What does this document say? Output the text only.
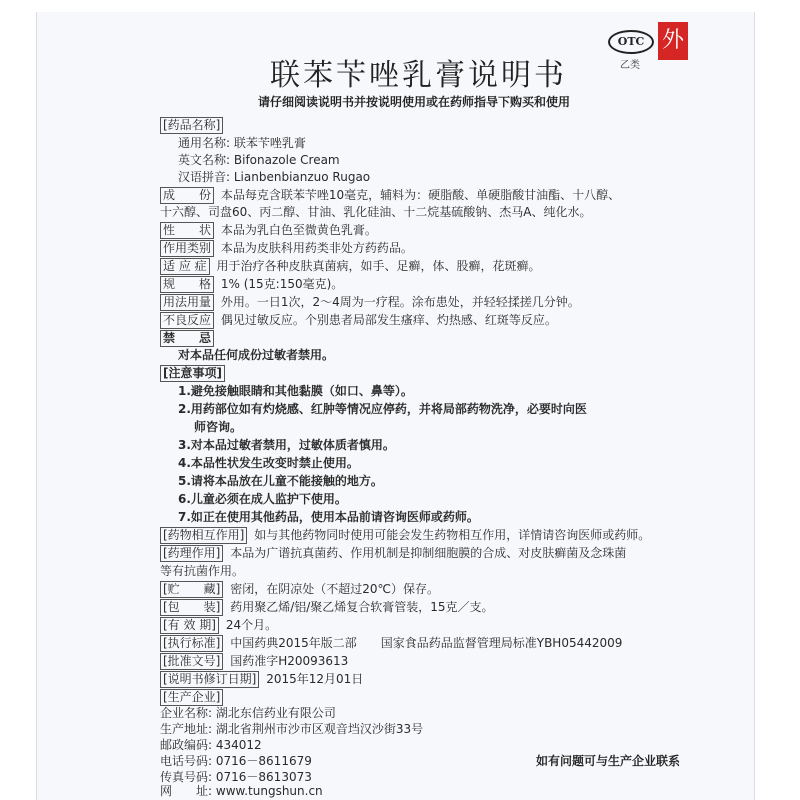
OTC
乙类
外
联苯苄唑乳膏说明书
请仔细阅读说明书并按说明使用或在药师指导下购买和使用
[药品名称]
通用名称: 联苯苄唑乳膏
英文名称: Bifonazole Cream
汉语拼音: Lianbenbianzuo Rugao
成　　份 本品每克含联苯苄唑10毫克，辅料为：硬脂酸、单硬脂酸甘油酯、十八醇、
十六醇、司盘60、丙二醇、甘油、乳化硅油、十二烷基硫酸钠、杰马A、纯化水。
性　　状 本品为乳白色至微黄色乳膏。
作用类别 本品为皮肤科用药类非处方药药品。
适 应 症 用于治疗各种皮肤真菌病，如手、足癣，体、股癣，花斑癣。
规　　格 1% (15克:150毫克)。
用法用量 外用。一日1次，2～4周为一疗程。涂布患处，并轻轻揉搓几分钟。
不良反应 偶见过敏反应。个别患者局部发生瘙痒、灼热感、红斑等反应。
禁　　忌
对本品任何成份过敏者禁用。
[注意事项]
1.避免接触眼睛和其他黏膜（如口、鼻等）。
2.用药部位如有灼烧感、红肿等情况应停药，并将局部药物洗净，必要时向医
师咨询。
3.对本品过敏者禁用，过敏体质者慎用。
4.本品性状发生改变时禁止使用。
5.请将本品放在儿童不能接触的地方。
6.儿童必须在成人监护下使用。
7.如正在使用其他药品，使用本品前请咨询医师或药师。
[药物相互作用] 如与其他药物同时使用可能会发生药物相互作用，详情请咨询医师或药师。
[药理作用] 本品为广谱抗真菌药、作用机制是抑制细胞膜的合成、对皮肤癣菌及念珠菌
等有抗菌作用。
[贮　　藏] 密闭，在阴凉处（不超过20℃）保存。
[包　　装] 药用聚乙烯/铝/聚乙烯复合软膏管装，15克／支。
[有 效 期] 24个月。
[执行标准] 中国药典2015年版二部　　国家食品药品监督管理局标准YBH05442009
[批准文号] 国药准字H20093613
[说明书修订日期] 2015年12月01日
[生产企业]
企业名称: 湖北东信药业有限公司
生产地址: 湖北省荆州市沙市区观音垱汉沙街33号
邮政编码: 434012
电话号码: 0716－8611679
传真号码: 0716－8613073
网　　址: www.tungshun.cn
如有问题可与生产企业联系
